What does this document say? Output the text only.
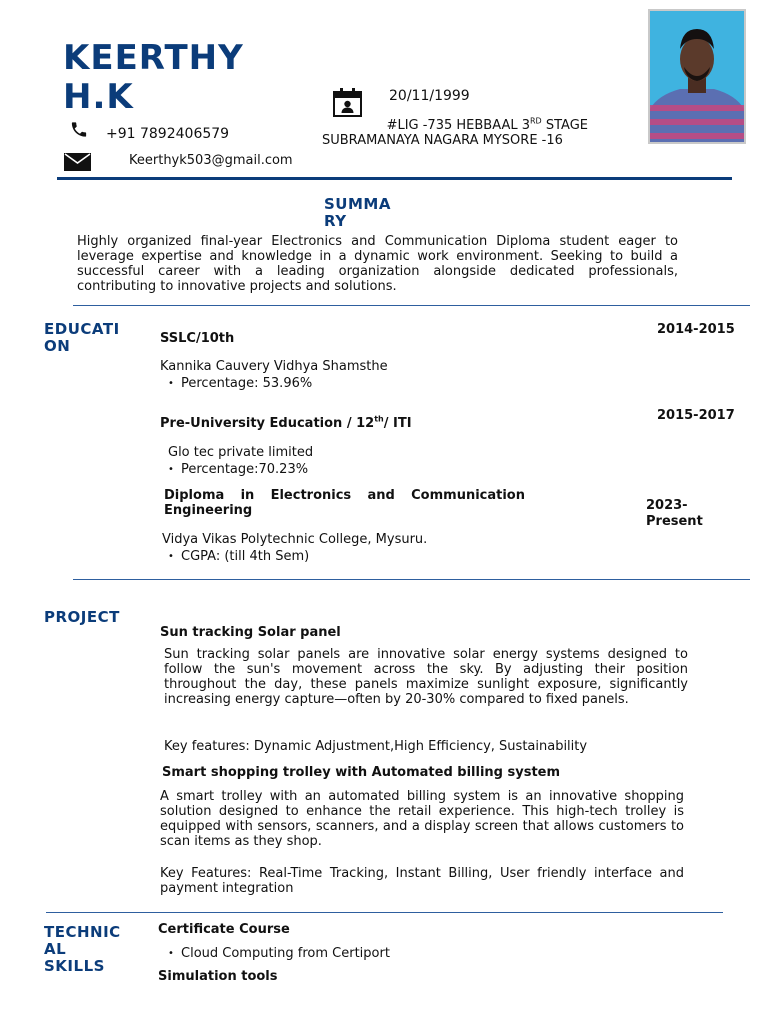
KEERTHY
H.K
+91 7892406579
Keerthyk503@gmail.com
20/11/1999
#LIG -735 HEBBAAL 3RD STAGE
SUBRAMANAYA NAGARA MYSORE -16
SUMMA
RY
Highly organized final-year Electronics and Communication Diploma student eager to leverage expertise and knowledge in a dynamic work environment. Seeking to build a successful career with a leading organization alongside dedicated professionals, contributing to innovative projects and solutions.
EDUCATI
ON	SSLC/10th
2014-2015
Kannika Cauvery Vidhya Shamsthe
• Percentage: 53.96%
Pre-University Education / 12th/ ITI
2015-2017
Glo tec private limited
• Percentage:70.23%
Diploma in Electronics and Communication
Engineering	2023-
Present
Vidya Vikas Polytechnic College, Mysuru.
• CGPA: (till 4th Sem)
PROJECT
Sun tracking Solar panel
Sun tracking solar panels are innovative solar energy systems designed to follow the sun's movement across the sky. By adjusting their position throughout the day, these panels maximize sunlight exposure, significantly increasing energy capture—often by 20-30% compared to fixed panels.
Key features: Dynamic Adjustment,High Efficiency, Sustainability
Smart shopping trolley with Automated billing system
A smart trolley with an automated billing system is an innovative shopping solution designed to enhance the retail experience. This high-tech trolley is equipped with sensors, scanners, and a display screen that allows customers to scan items as they shop.
Key Features: Real-Time Tracking, Instant Billing, User friendly interface and payment integration
TECHNIC
AL
SKILLS
Certificate Course
• Cloud Computing from Certiport
Simulation tools
